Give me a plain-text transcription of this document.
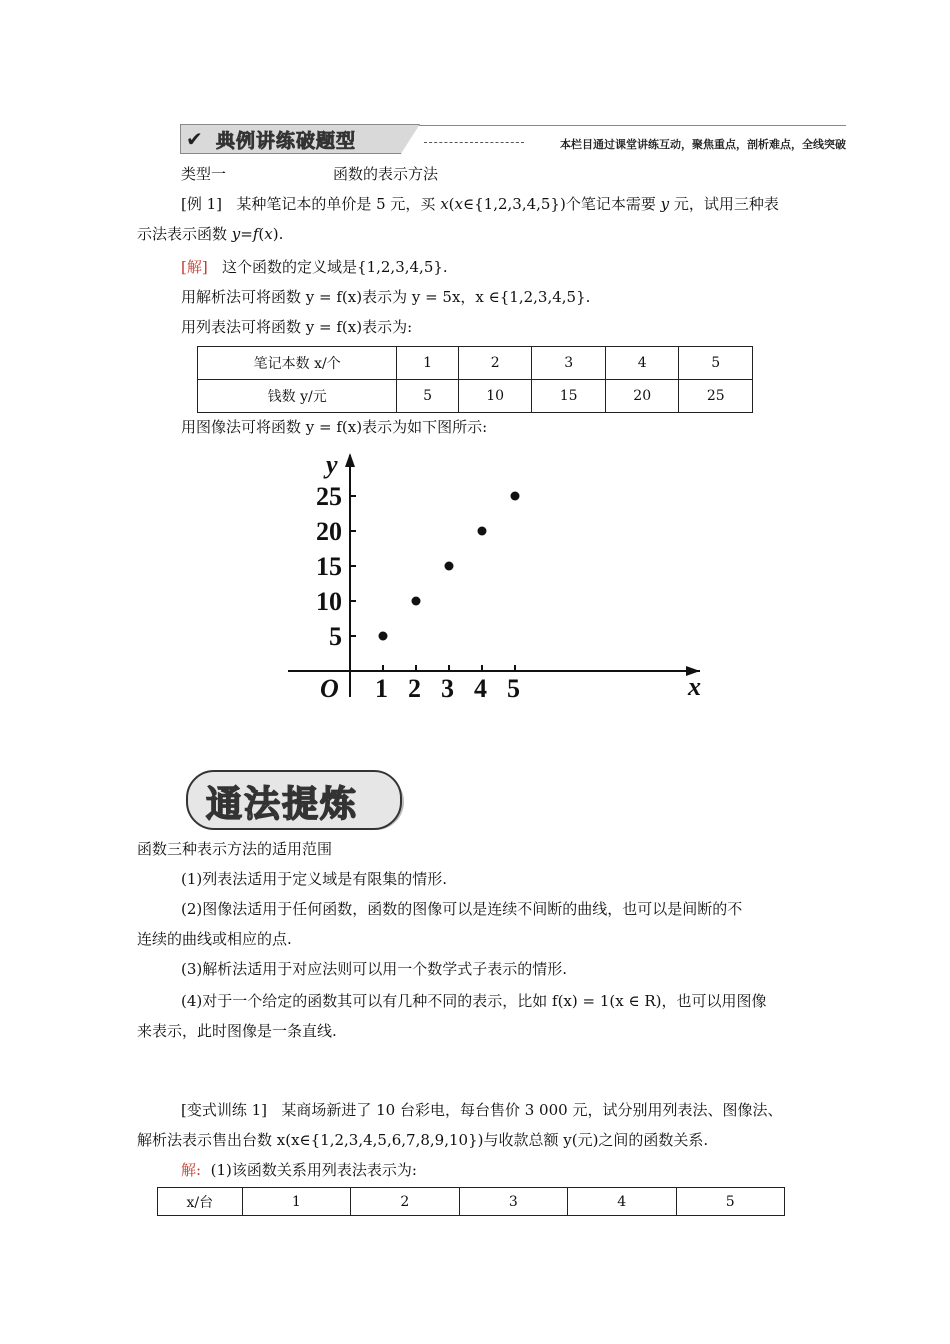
✔ 典例讲练破题型	本栏目通过课堂讲练互动，聚焦重点，剖析难点，全线突破
类型一	函数的表示方法
[例 1] 某种笔记本的单价是 5 元，买 x(x∈{1,2,3,4,5})个笔记本需要 y 元，试用三种表
示法表示函数 y=f(x).
[解] 这个函数的定义域是{1,2,3,4,5}.
用解析法可将函数 y = f(x)表示为 y = 5x，x ∈{1,2,3,4,5}.
用列表法可将函数 y = f(x)表示为:
笔记本数 x/个	1	2	3	4	5
钱数 y/元	5	10	15	20	25
用图像法可将函数 y = f(x)表示为如下图所示:
y
x
O 1 2 3 4 5
5
10
15
20
25
通法提炼
函数三种表示方法的适用范围
(1)列表法适用于定义域是有限集的情形.
(2)图像法适用于任何函数，函数的图像可以是连续不间断的曲线，也可以是间断的不
连续的曲线或相应的点.
(3)解析法适用于对应法则可以用一个数学式子表示的情形.
(4)对于一个给定的函数其可以有几种不同的表示，比如 f(x) = 1(x ∈ R)，也可以用图像
来表示，此时图像是一条直线.
[变式训练 1] 某商场新进了 10 台彩电，每台售价 3 000 元，试分别用列表法、图像法、
解析法表示售出台数 x(x∈{1,2,3,4,5,6,7,8,9,10})与收款总额 y(元)之间的函数关系.
解: (1)该函数关系用列表法表示为:
x/台	1	2	3	4	5
